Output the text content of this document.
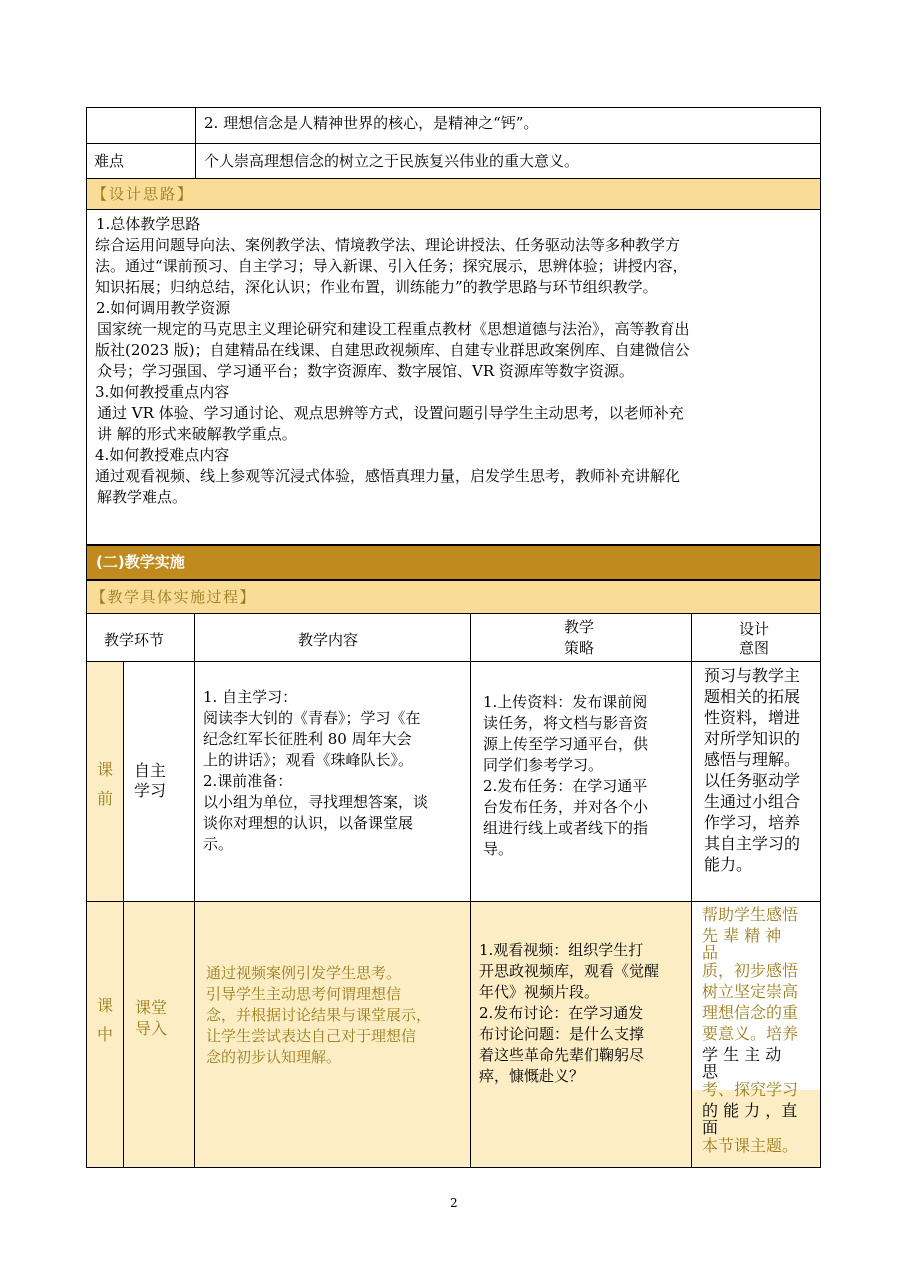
2. 理想信念是人精神世界的核心，是精神之“钙”。
难点	个人崇高理想信念的树立之于民族复兴伟业的重大意义。
【设计思路】
1.总体教学思路
综合运用问题导向法、案例教学法、情境教学法、理论讲授法、任务驱动法等多种教学方
法。通过“课前预习、自主学习；导入新课、引入任务；探究展示，思辨体验；讲授内容，
知识拓展；归纳总结，深化认识；作业布置，训练能力”的教学思路与环节组织教学。
2.如何调用教学资源
国家统一规定的马克思主义理论研究和建设工程重点教材《思想道德与法治》，高等教育出
版社(2023 版)；自建精品在线课、自建思政视频库、自建专业群思政案例库、自建微信公
众号；学习强国、学习通平台；数字资源库、数字展馆、VR 资源库等数字资源。
3.如何教授重点内容
通过 VR 体验、学习通讨论、观点思辨等方式，设置问题引导学生主动思考，以老师补充
讲 解的形式来破解教学重点。
4.如何教授难点内容
通过观看视频、线上参观等沉浸式体验，感悟真理力量，启发学生思考，教师补充讲解化
解教学难点。
(二)教学实施
【教学具体实施过程】
教学环节	教学内容
教学
策略
设计
意图
课
前
自主
学习
1. 自主学习：
阅读李大钊的《青春》；学习《在
纪念红军长征胜利 80 周年大会
上的讲话》；观看《珠峰队长》。
2.课前准备：
以小组为单位，寻找理想答案，谈
谈你对理想的认识，以备课堂展
示。
1.上传资料：发布课前阅
读任务，将文档与影音资
源上传至学习通平台，供
同学们参考学习。
2.发布任务：在学习通平
台发布任务，并对各个小
组进行线上或者线下的指
导。
预习与教学主
题相关的拓展
性资料，增进
对所学知识的
感悟与理解。
以任务驱动学
生通过小组合
作学习，培养
其自主学习的
能力。
课
中
课堂
导入
通过视频案例引发学生思考。
引导学生主动思考何谓理想信
念，并根据讨论结果与课堂展示，
让学生尝试表达自己对于理想信
念的初步认知理解。
1.观看视频：组织学生打
开思政视频库，观看《觉醒
年代》视频片段。
2.发布讨论：在学习通发
布讨论问题：是什么支撑
着这些革命先辈们鞠躬尽
瘁，慷慨赴义？
帮助学生感悟
先 辈 精 神
品
质，初步感悟
树立坚定崇高
理想信念的重
要意义。培养
学 生 主 动
思
考、探究学习
的 能 力 ，直
面
本节课主题。
2
